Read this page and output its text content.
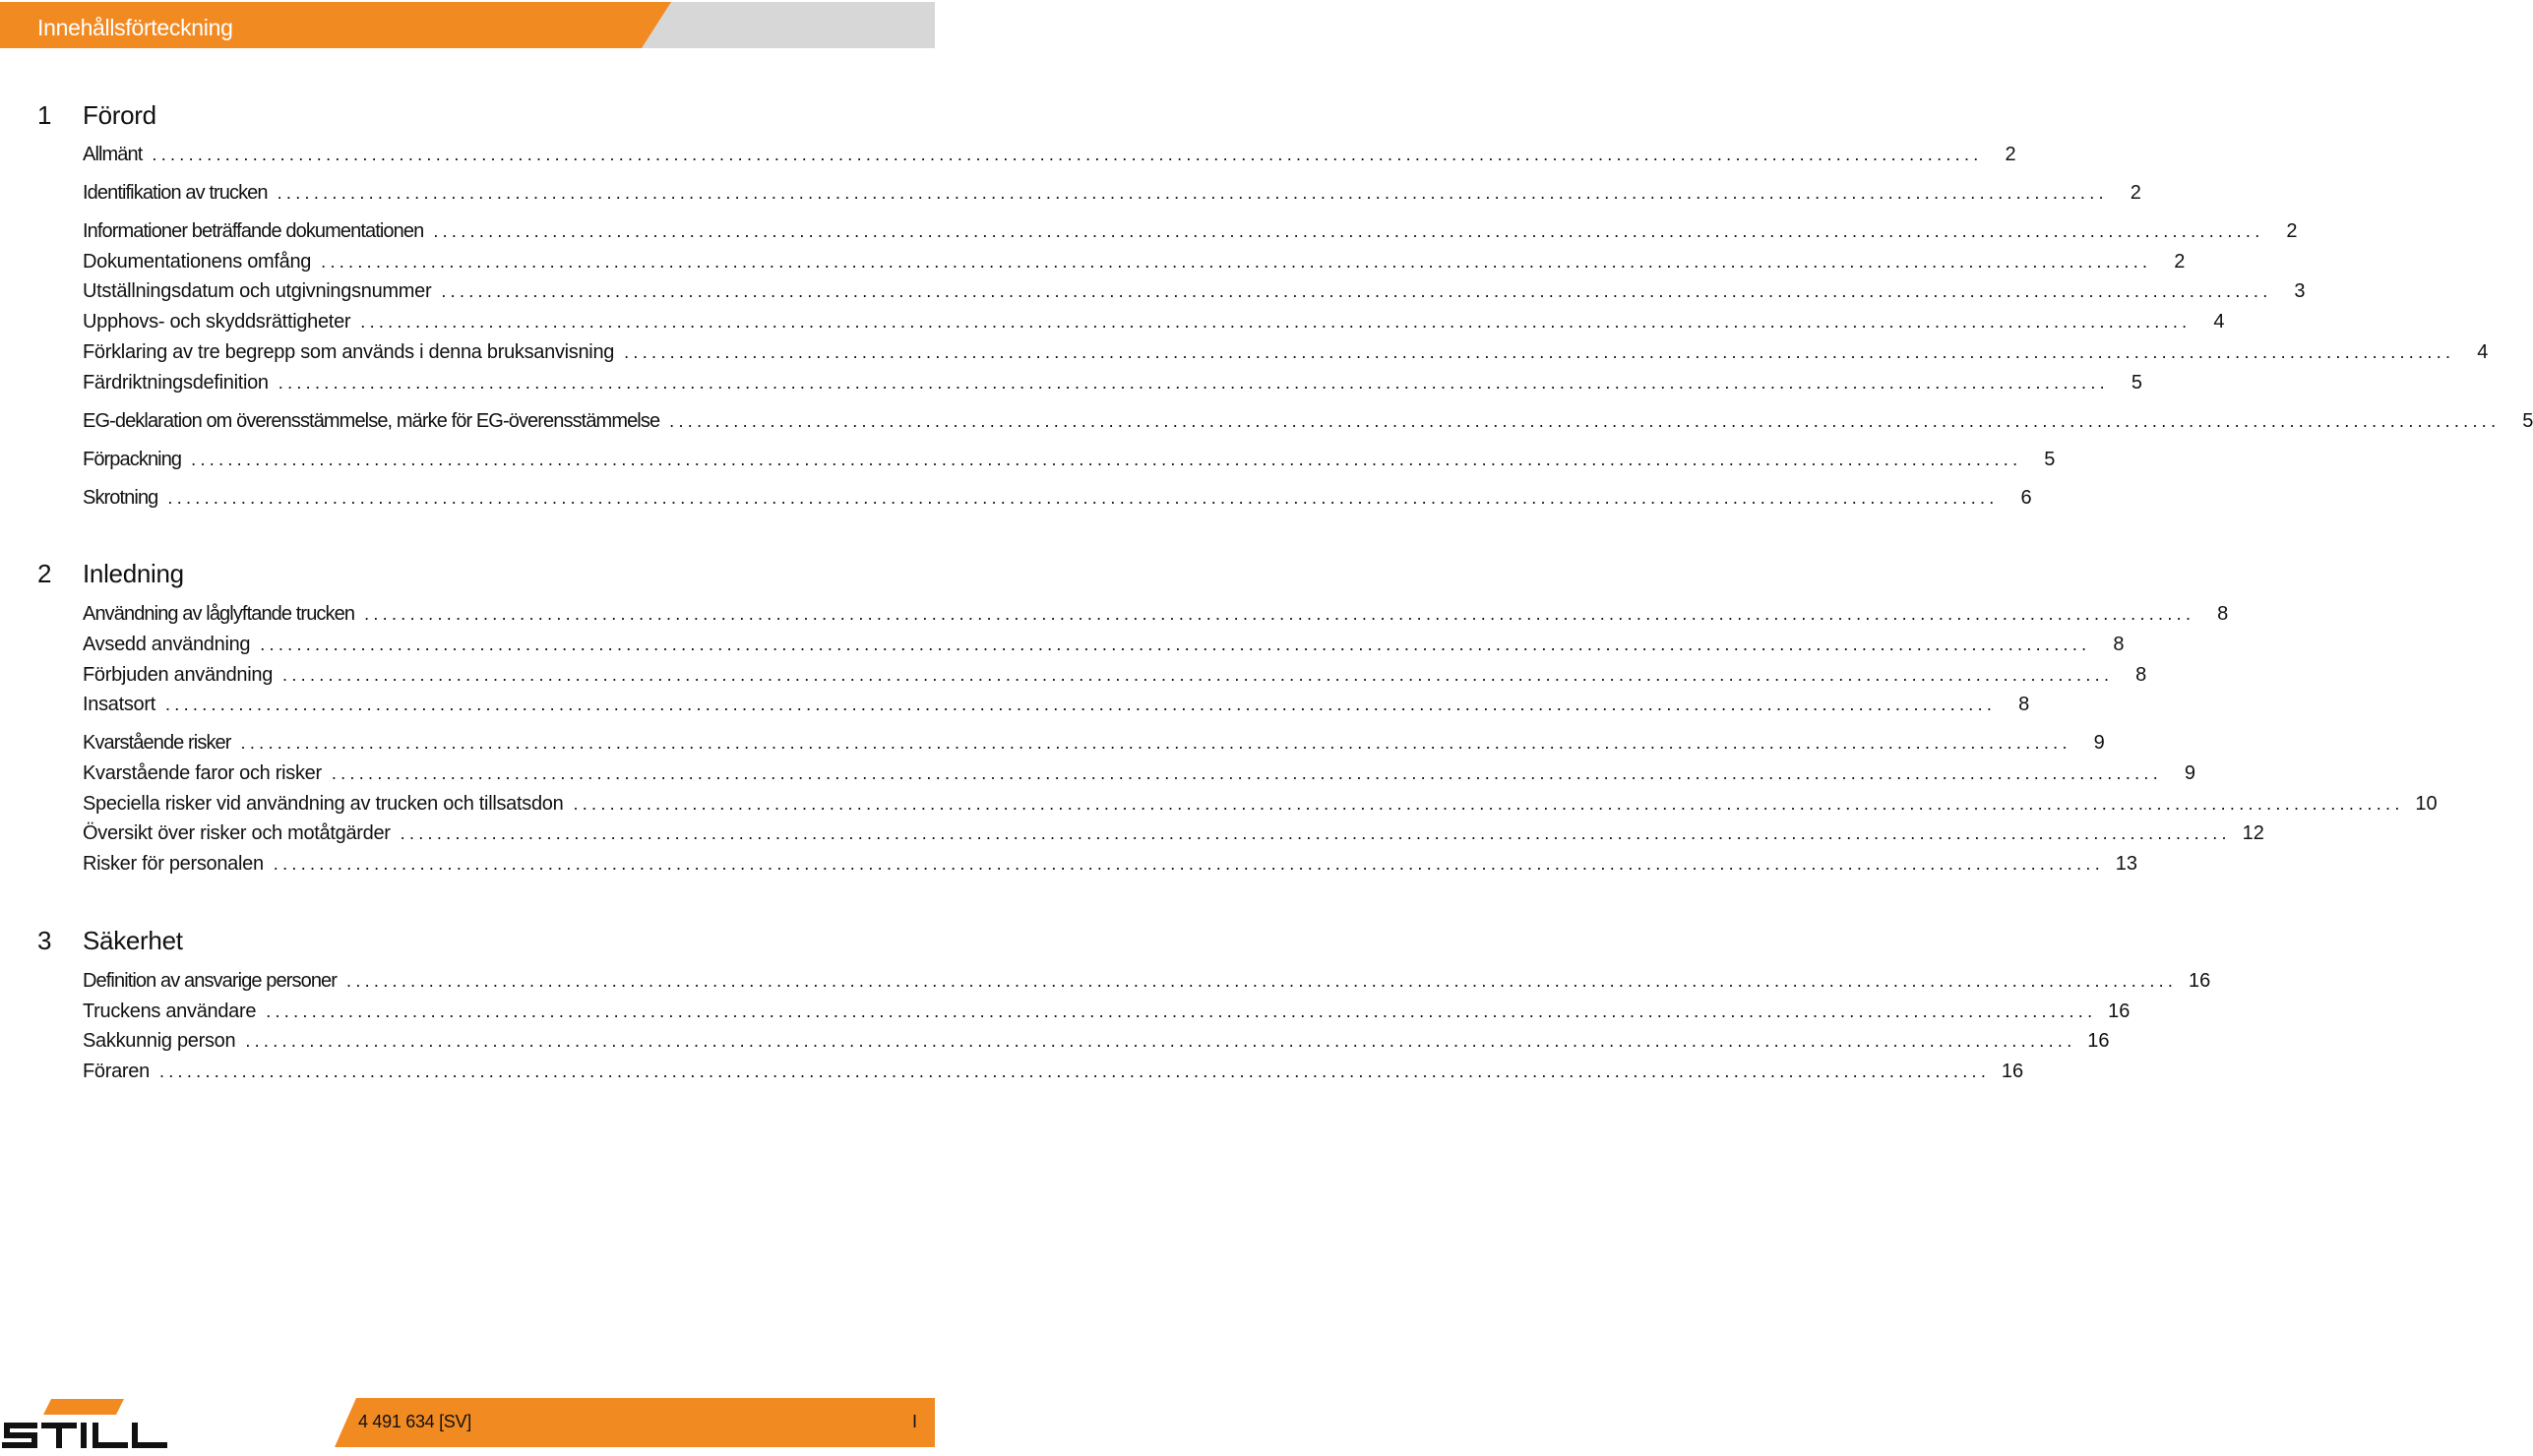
Innehållsförteckning
1 Förord
Allmänt ........................................................................................................................................................................................................	2
Identifikation av trucken ........................................................................................................................................................................................................	2
Informationer beträffande dokumentationen ........................................................................................................................................................................................................	2
Dokumentationens omfång ........................................................................................................................................................................................................	2
Utställningsdatum och utgivningsnummer ........................................................................................................................................................................................................	3
Upphovs- och skyddsrättigheter ........................................................................................................................................................................................................	4
Förklaring av tre begrepp som används i denna bruksanvisning ........................................................................................................................................................................................................	4
Färdriktningsdefinition ........................................................................................................................................................................................................	5
EG-deklaration om överensstämmelse, märke för EG-överensstämmelse ........................................................................................................................................................................................................	5
Förpackning ........................................................................................................................................................................................................	5
Skrotning ........................................................................................................................................................................................................	6
2 Inledning
Användning av låglyftande trucken ........................................................................................................................................................................................................	8
Avsedd användning ........................................................................................................................................................................................................	8
Förbjuden användning ........................................................................................................................................................................................................	8
Insatsort ........................................................................................................................................................................................................	8
Kvarstående risker ........................................................................................................................................................................................................	9
Kvarstående faror och risker ........................................................................................................................................................................................................	9
Speciella risker vid användning av trucken och tillsatsdon ........................................................................................................................................................................................................ 10
Översikt över risker och motåtgärder ........................................................................................................................................................................................................ 12
Risker för personalen ........................................................................................................................................................................................................ 13
3 Säkerhet
Definition av ansvarige personer ........................................................................................................................................................................................................ 16
Truckens användare ........................................................................................................................................................................................................ 16
Sakkunnig person ........................................................................................................................................................................................................ 16
Föraren ........................................................................................................................................................................................................ 16
4 491 634 [SV]	I
